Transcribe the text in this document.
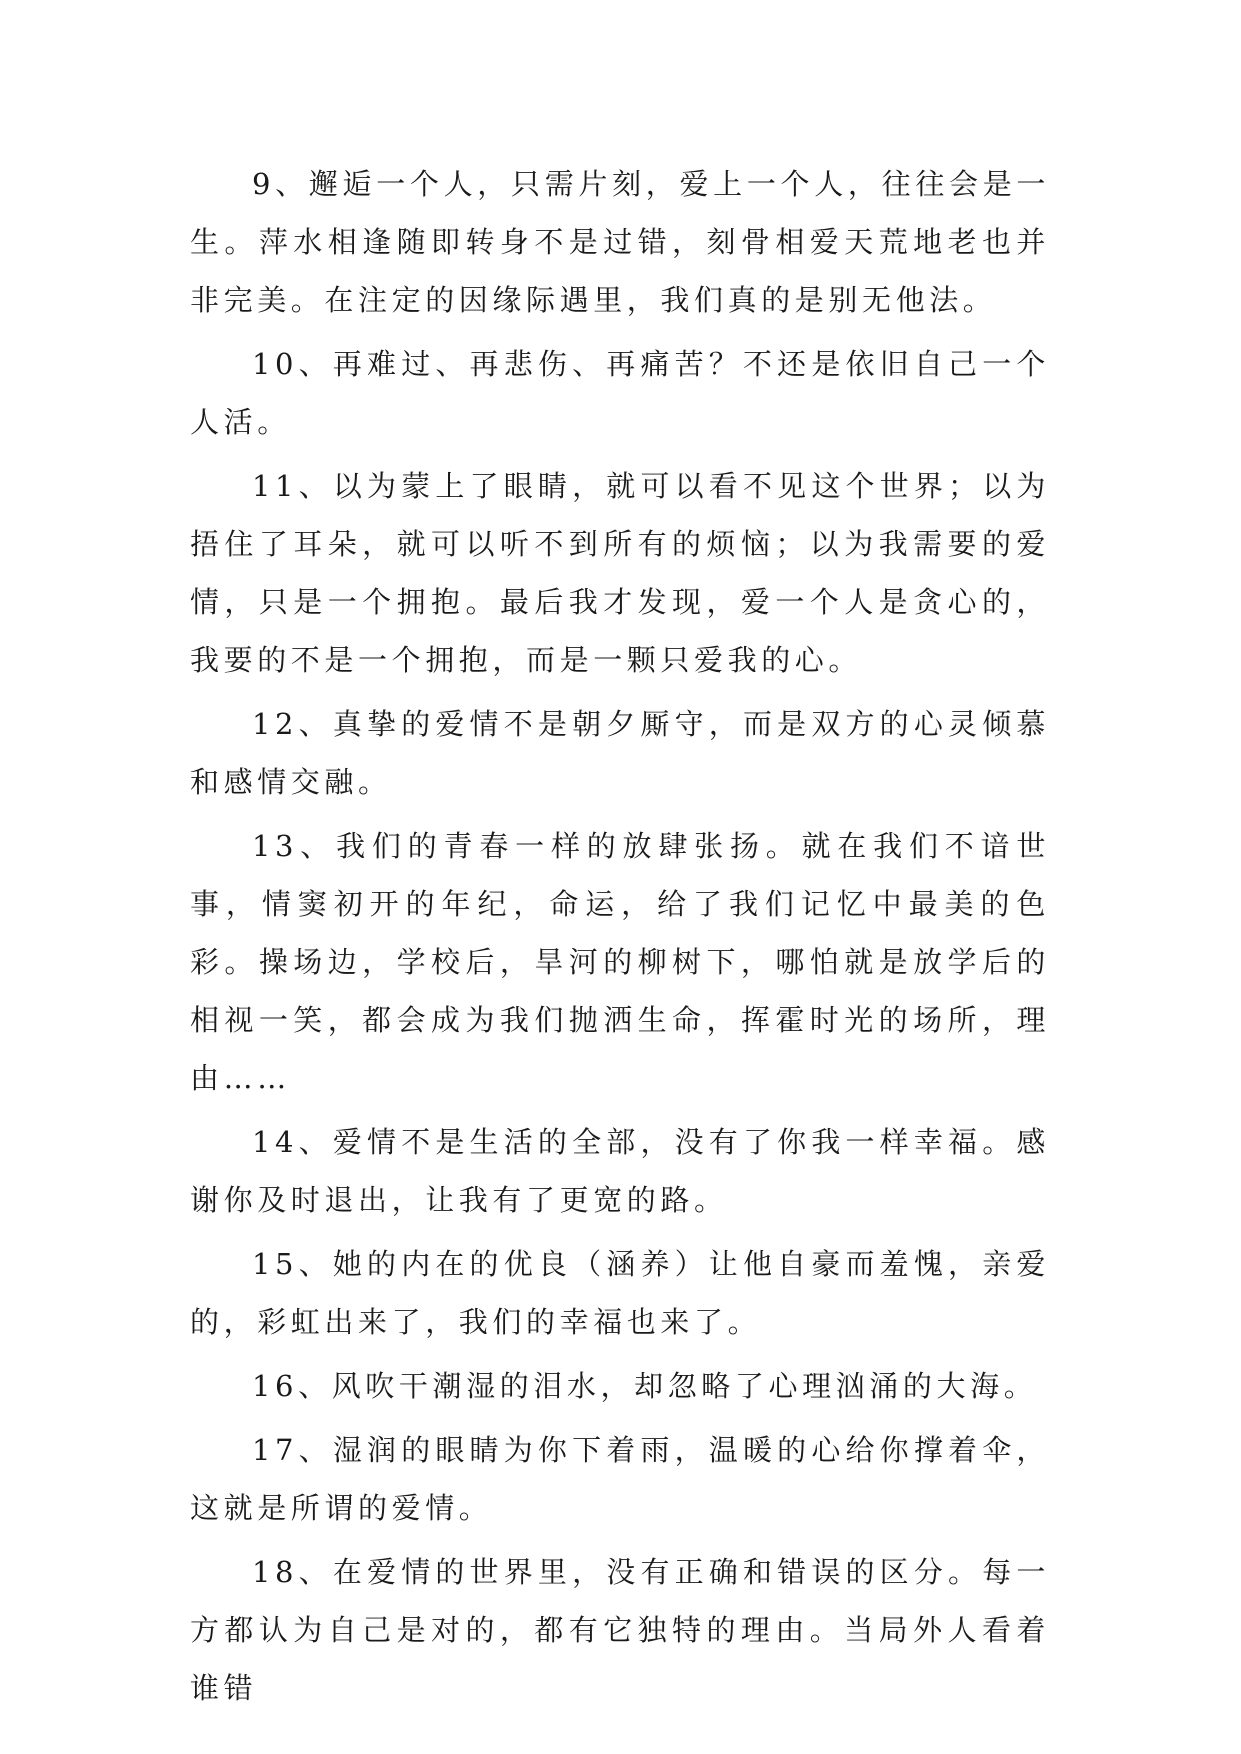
9、邂逅一个人，只需片刻，爱上一个人，往往会是一生。萍水相逢随即转身不是过错，刻骨相爱天荒地老也并非完美。在注定的因缘际遇里，我们真的是别无他法。

10、再难过、再悲伤、再痛苦？不还是依旧自己一个人活。

11、以为蒙上了眼睛，就可以看不见这个世界；以为捂住了耳朵，就可以听不到所有的烦恼；以为我需要的爱情，只是一个拥抱。最后我才发现，爱一个人是贪心的，我要的不是一个拥抱，而是一颗只爱我的心。

12、真挚的爱情不是朝夕厮守，而是双方的心灵倾慕和感情交融。

13、我们的青春一样的放肆张扬。就在我们不谙世事，情窦初开的年纪，命运，给了我们记忆中最美的色彩。操场边，学校后，旱河的柳树下，哪怕就是放学后的相视一笑，都会成为我们抛洒生命，挥霍时光的场所，理由……

14、爱情不是生活的全部，没有了你我一样幸福。感谢你及时退出，让我有了更宽的路。

15、她的内在的优良（涵养）让他自豪而羞愧，亲爱的，彩虹出来了，我们的幸福也来了。

16、风吹干潮湿的泪水，却忽略了心理汹涌的大海。

17、湿润的眼睛为你下着雨，温暖的心给你撑着伞，这就是所谓的爱情。

18、在爱情的世界里，没有正确和错误的区分。每一方都认为自己是对的，都有它独特的理由。当局外人看着谁错
